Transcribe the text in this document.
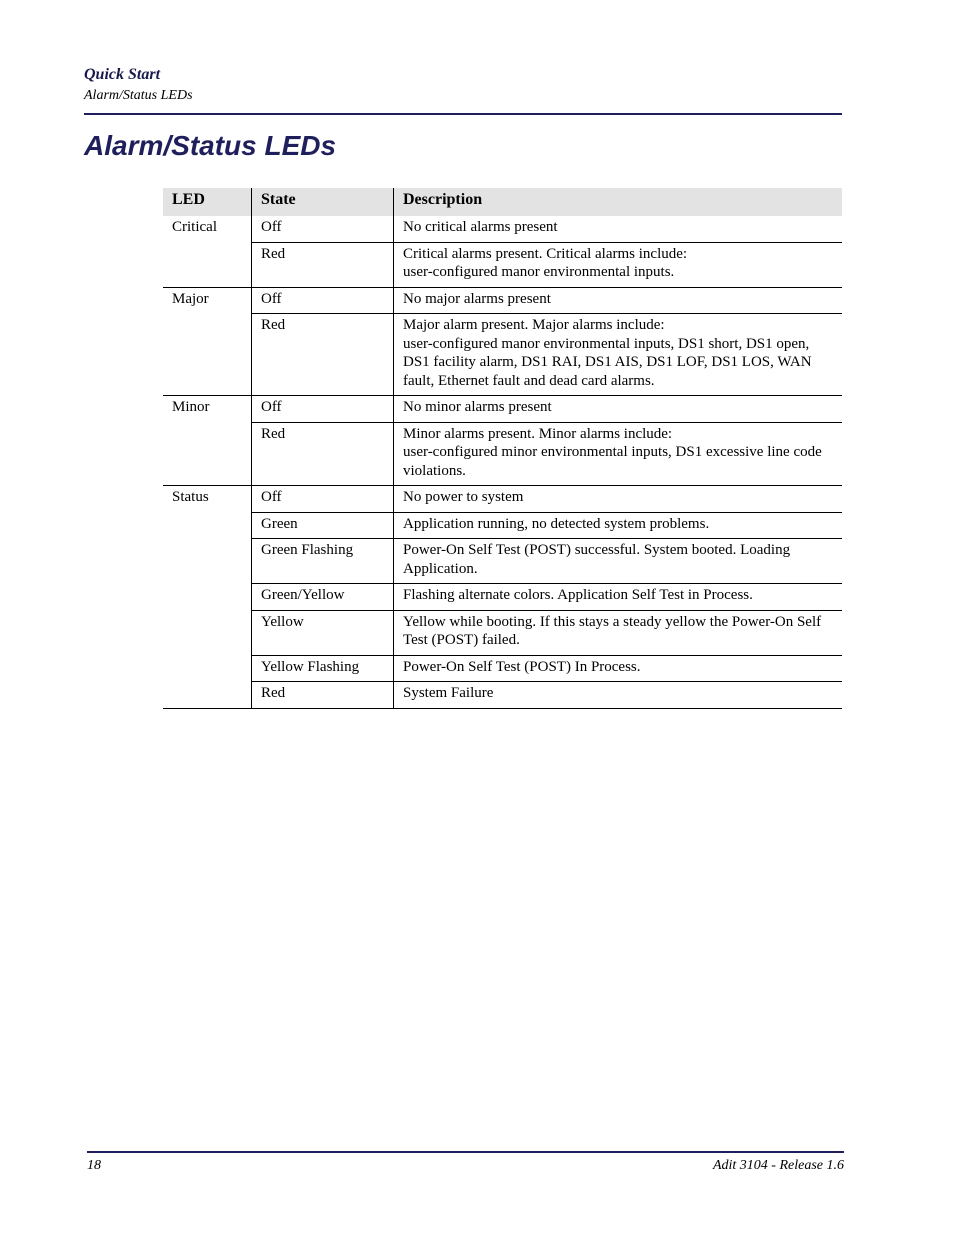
Quick Start
Alarm/Status LEDs
Alarm/Status LEDs
LED	State	Description
Critical	Off	No critical alarms present
	Red	Critical alarms present. Critical alarms include:
user-configured manor environmental inputs.
Major	Off	No major alarms present
	Red	Major alarm present. Major alarms include:
user-configured manor environmental inputs, DS1 short, DS1 open, DS1 facility alarm, DS1 RAI, DS1 AIS, DS1 LOF, DS1 LOS, WAN fault, Ethernet fault and dead card alarms.
Minor	Off	No minor alarms present
	Red	Minor alarms present. Minor alarms include:
user-configured minor environmental inputs, DS1 excessive line code violations.
Status	Off	No power to system
	Green	Application running, no detected system problems.
	Green Flashing	Power-On Self Test (POST) successful. System booted. Loading Application.
	Green/Yellow	Flashing alternate colors. Application Self Test in Process.
	Yellow	Yellow while booting. If this stays a steady yellow the Power-On Self Test (POST) failed.
	Yellow Flashing	Power-On Self Test (POST) In Process.
	Red	System Failure
18	Adit 3104 - Release 1.6
